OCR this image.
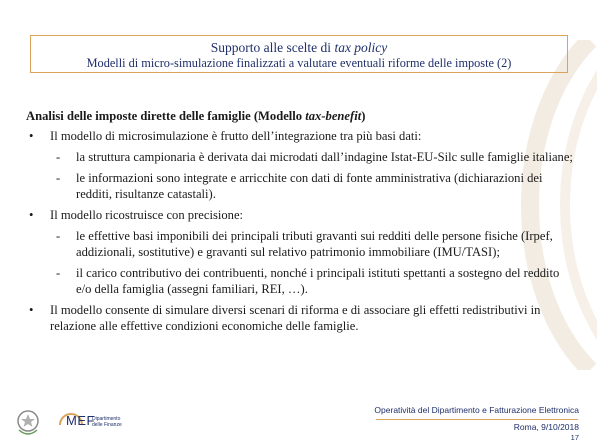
Supporto alle scelte di tax policy
Modelli di micro-simulazione finalizzati a valutare eventuali riforme delle imposte (2)
Analisi delle imposte dirette delle famiglie (Modello tax-benefit)
• Il modello di microsimulazione è frutto dell’integrazione tra più basi dati:
- la struttura campionaria è derivata dai microdati dall’indagine Istat-EU-Silc sulle famiglie italiane;
- le informazioni sono integrate e arricchite con dati di fonte amministrativa (dichiarazioni dei redditi, risultanze catastali).
• Il modello ricostruisce con precisione:
- le effettive basi imponibili dei principali tributi gravanti sui redditi delle persone fisiche (Irpef, addizionali, sostitutive) e gravanti sul relativo patrimonio immobiliare (IMU/TASI);
- il carico contributivo dei contribuenti, nonché i principali istituti spettanti a sostegno del reddito e/o della famiglia (assegni familiari, REI, …).
• Il modello consente di simulare diversi scenari di riforma e di associare gli effetti redistributivi in relazione alle effettive condizioni economiche delle famiglie.
MEF
Dipartimento
delle Finanze
Operatività del Dipartimento e Fatturazione Elettronica
Roma, 9/10/2018
17
